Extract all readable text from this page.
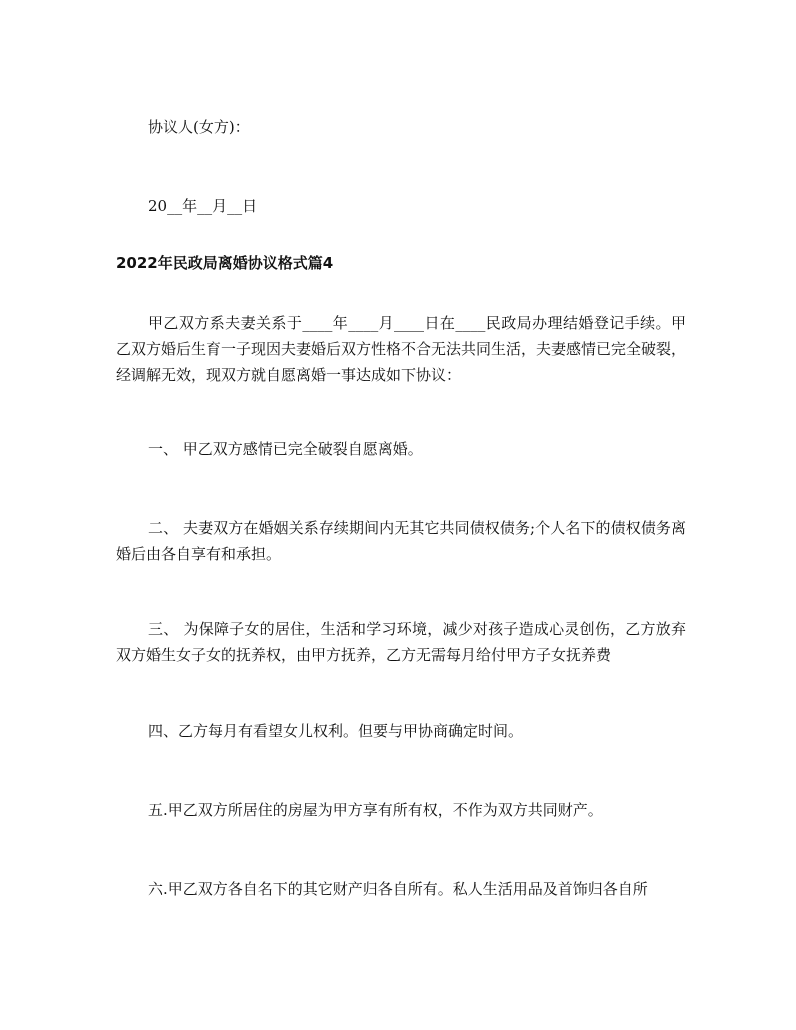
协议人(女方)：
20__年__月__日
2022年民政局离婚协议格式篇4
甲乙双方系夫妻关系于____年____月____日在____民政局办理结婚登记手续。甲乙双方婚后生育一子现因夫妻婚后双方性格不合无法共同生活，夫妻感情已完全破裂，经调解无效，现双方就自愿离婚一事达成如下协议：
一、 甲乙双方感情已完全破裂自愿离婚。
二、 夫妻双方在婚姻关系存续期间内无其它共同债权债务;个人名下的债权债务离婚后由各自享有和承担。
三、 为保障子女的居住，生活和学习环境，减少对孩子造成心灵创伤，乙方放弃双方婚生女子女的抚养权，由甲方抚养，乙方无需每月给付甲方子女抚养费
四、乙方每月有看望女儿权利。但要与甲协商确定时间。
五.甲乙双方所居住的房屋为甲方享有所有权，不作为双方共同财产。
六.甲乙双方各自名下的其它财产归各自所有。私人生活用品及首饰归各自所
